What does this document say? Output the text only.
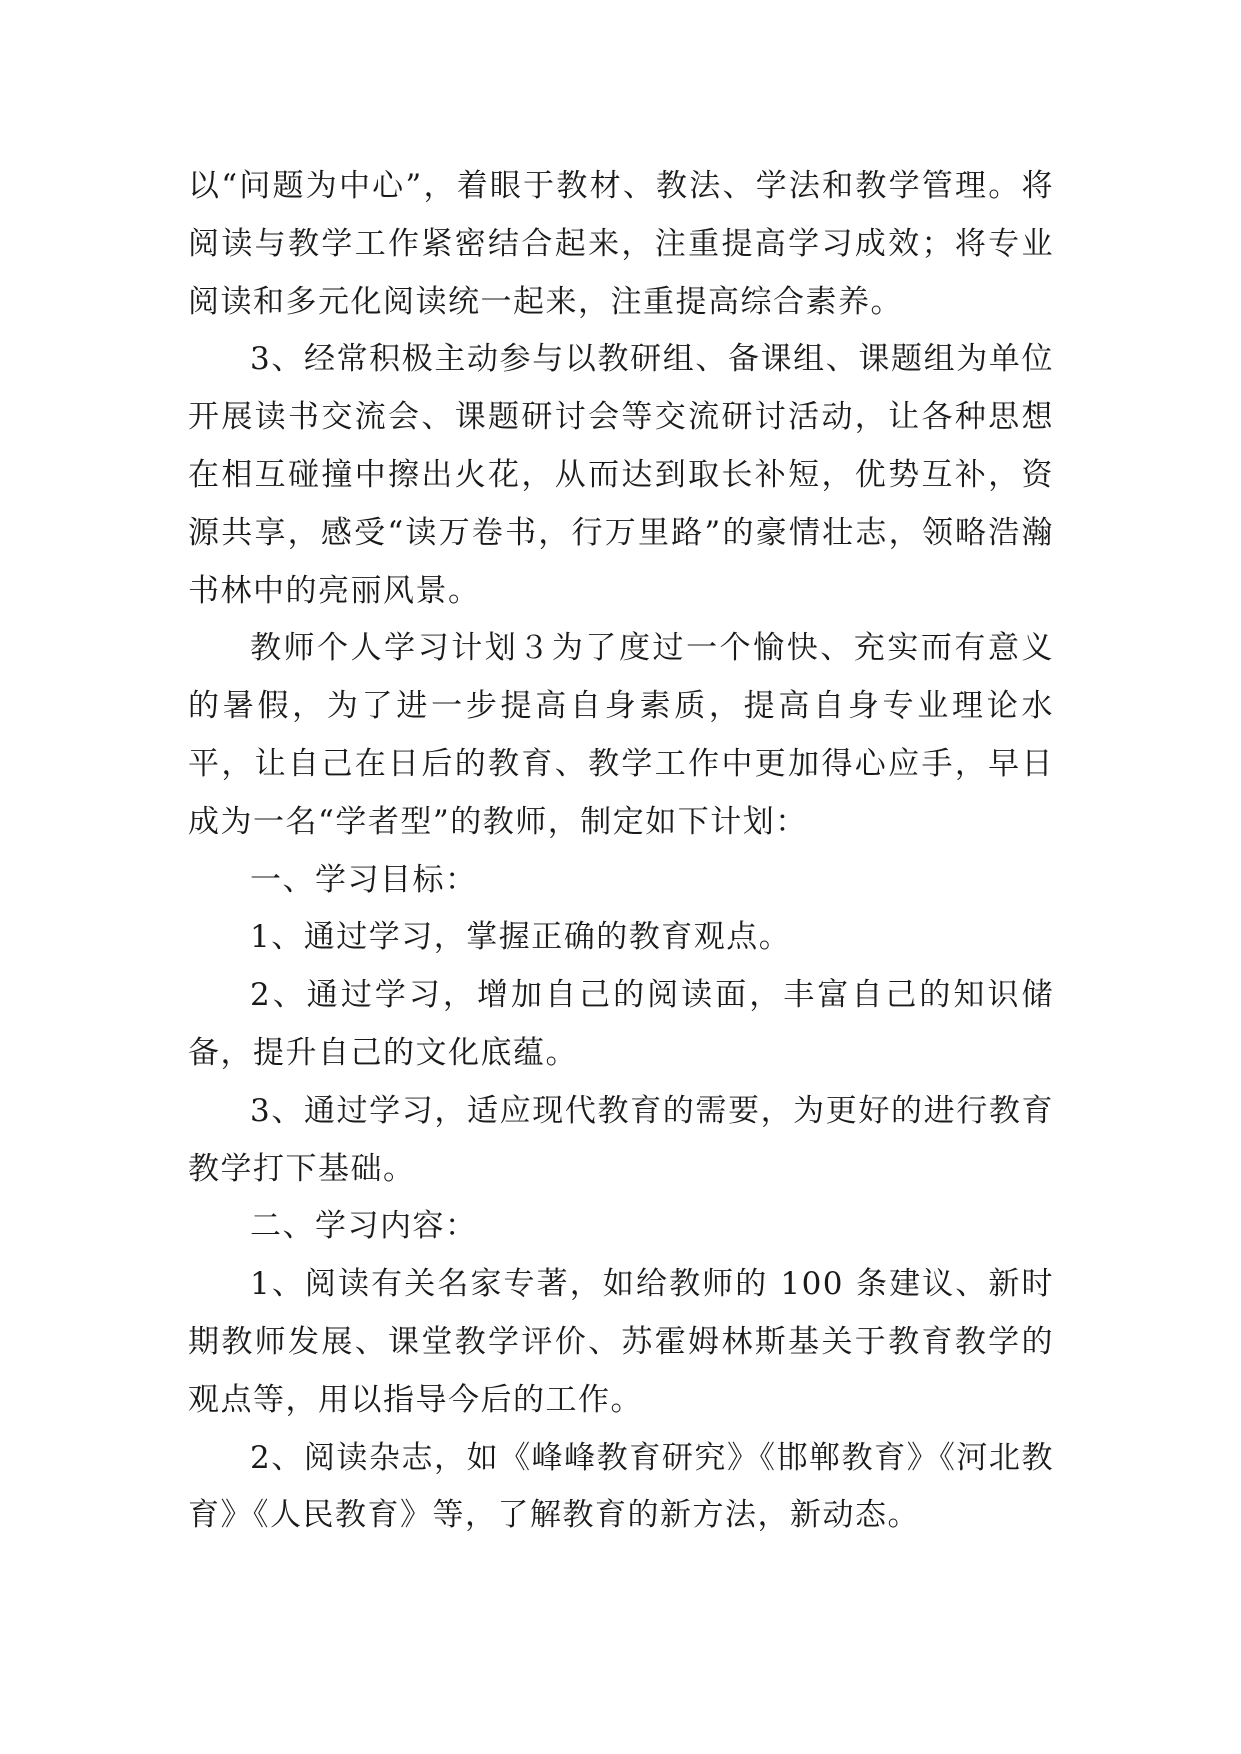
以“问题为中心”，着眼于教材、教法、学法和教学管理。将阅读与教学工作紧密结合起来，注重提高学习成效；将专业阅读和多元化阅读统一起来，注重提高综合素养。

3、经常积极主动参与以教研组、备课组、课题组为单位开展读书交流会、课题研讨会等交流研讨活动，让各种思想在相互碰撞中擦出火花，从而达到取长补短，优势互补，资源共享，感受“读万卷书，行万里路”的豪情壮志，领略浩瀚书林中的亮丽风景。

教师个人学习计划３为了度过一个愉快、充实而有意义的暑假，为了进一步提高自身素质，提高自身专业理论水平，让自己在日后的教育、教学工作中更加得心应手，早日成为一名“学者型”的教师，制定如下计划：

一、学习目标：

1、通过学习，掌握正确的教育观点。

2、通过学习，增加自己的阅读面，丰富自己的知识储备，提升自己的文化底蕴。

3、通过学习，适应现代教育的需要，为更好的进行教育教学打下基础。

二、学习内容：

1、阅读有关名家专著，如给教师的 100 条建议、新时期教师发展、课堂教学评价、苏霍姆林斯基关于教育教学的观点等，用以指导今后的工作。

2、阅读杂志，如《峰峰教育研究》《邯郸教育》《河北教育》《人民教育》等，了解教育的新方法，新动态。
